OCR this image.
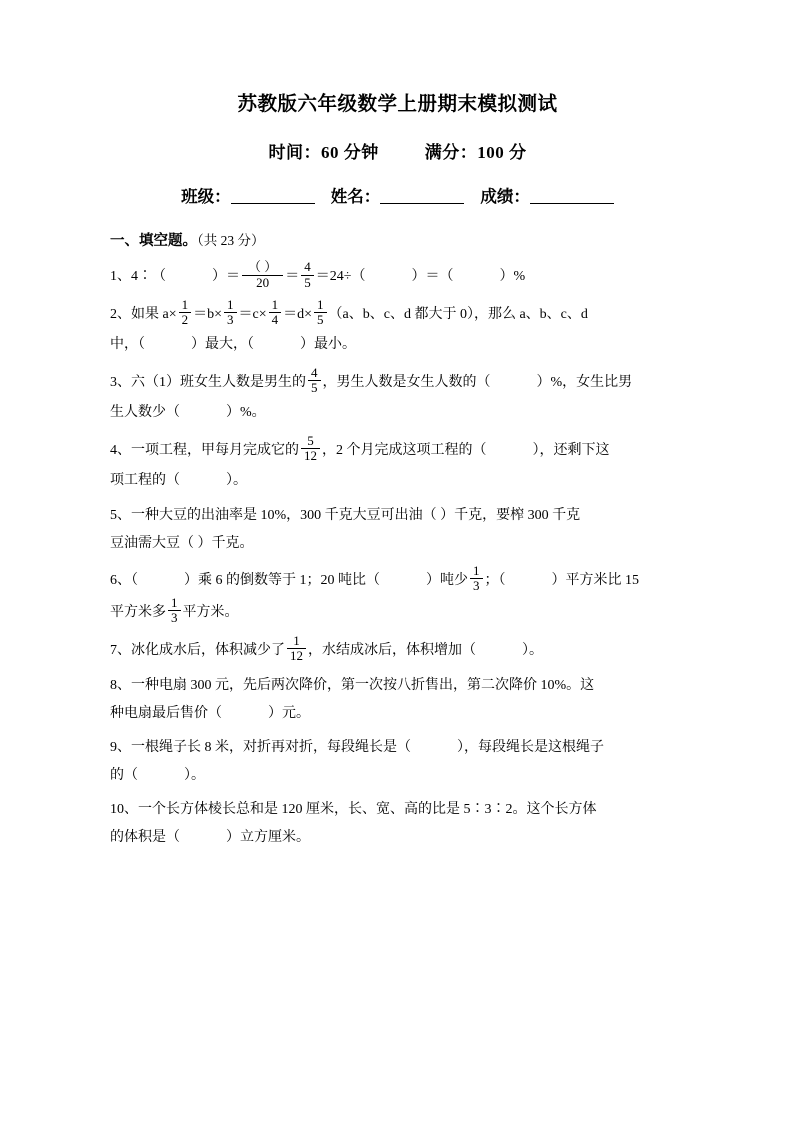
苏教版六年级数学上册期末模拟测试
时间：60 分钟	满分：100 分
班级：	姓名：	成绩：
一、填空题。（共 23 分）

1、4∶（	）＝ $\frac{( )}{20} = \frac{4}{5} =24\div$（	）＝（	）%

2、如果 $a\times \frac{1}{2} =b\times \frac{1}{3} =c\times \frac{1}{4} =d\times \frac{1}{5} (a$、b、c、d 都大于 0），那么 a、b、c、d
中，（	）最大，（	）最小。

3、六（1）班女生人数是男生的 $\frac{4}{5}$ ，男生人数是女生人数的（	）%，女生比男
生人数少（	）%。

4、一项工程，甲每月完成它的 $\frac{5}{12}$ ，2 个月完成这项工程的（	），还剩下这
项工程的（	）。

5、一种大豆的出油率是 10%，300 千克大豆可出油（ ）千克，要榨 300 千克
豆油需大豆（ ）千克。

6、（	）乘 6 的倒数等于 1；20 吨比（	）吨少 $\frac{1}{3}$ ；（	）平方米比 15
平方米多 $\frac{1}{3}$ 平方米。

7、冰化成水后，体积减少了 $\frac{1}{12}$ ，水结成冰后，体积增加（	）。

8、一种电扇 300 元，先后两次降价，第一次按八折售出，第二次降价 10%。这
种电扇最后售价（	）元。

9、一根绳子长 8 米，对折再对折，每段绳长是（	），每段绳长是这根绳子
的（	）。

10、一个长方体棱长总和是 120 厘米，长、宽、高的比是 5∶3∶2。这个长方体
的体积是（	）立方厘米。
